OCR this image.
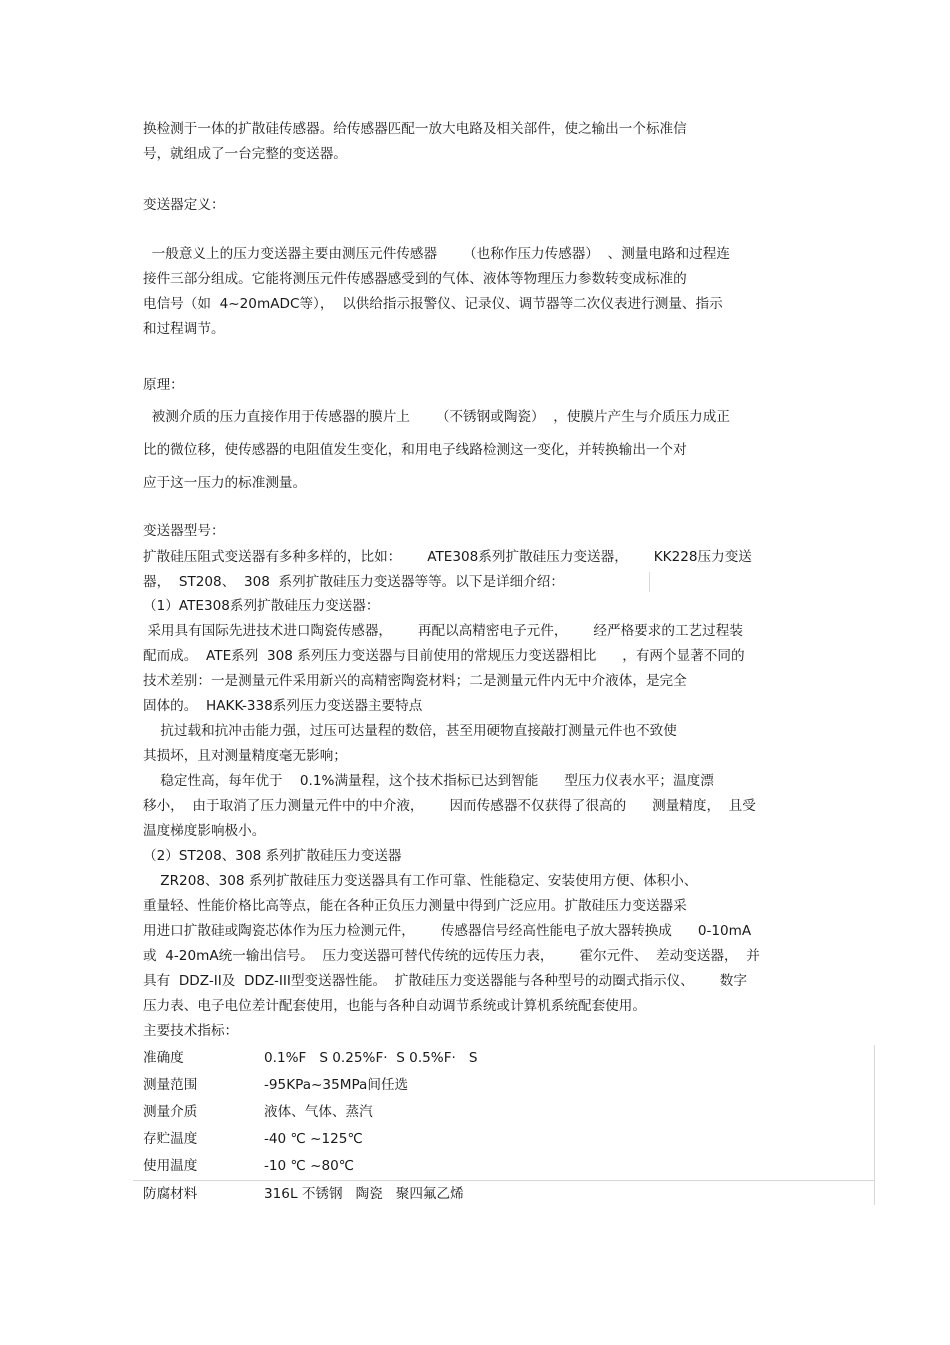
换检测于一体的扩散硅传感器。给传感器匹配一放大电路及相关部件，使之输出一个标准信
号，就组成了一台完整的变送器。
变送器定义：
一般意义上的压力变送器主要由测压元件传感器      （也称作压力传感器）  、测量电路和过程连
接件三部分组成。它能将测压元件传感器感受到的气体、液体等物理压力参数转变成标准的
电信号（如  4~20mADC等），  以供给指示报警仪、记录仪、调节器等二次仪表进行测量、指示
和过程调节。
原理：
被测介质的压力直接作用于传感器的膜片上      （不锈钢或陶瓷）  ，使膜片产生与介质压力成正
比的微位移，使传感器的电阻值发生变化，和用电子线路检测这一变化，并转换输出一个对
应于这一压力的标准测量。
变送器型号：
扩散硅压阻式变送器有多种多样的，比如：      ATE308系列扩散硅压力变送器，      KK228压力变送
器，  ST208、  308  系列扩散硅压力变送器等等。以下是详细介绍：
（1）ATE308系列扩散硅压力变送器：
采用具有国际先进技术进口陶瓷传感器，      再配以高精密电子元件，      经严格要求的工艺过程装
配而成。  ATE系列  308 系列压力变送器与目前使用的常规压力变送器相比      ，有两个显著不同的
技术差别：一是测量元件采用新兴的高精密陶瓷材料；二是测量元件内无中介液体，是完全
固体的。  HAKK-338系列压力变送器主要特点
抗过载和抗冲击能力强，过压可达量程的数倍，甚至用硬物直接敲打测量元件也不致使
其损坏，且对测量精度毫无影响；
稳定性高，每年优于    0.1%满量程，这个技术指标已达到智能      型压力仪表水平；温度漂
移小，  由于取消了压力测量元件中的中介液，      因而传感器不仅获得了很高的      测量精度，  且受
温度梯度影响极小。
（2）ST208、308 系列扩散硅压力变送器
ZR208、308 系列扩散硅压力变送器具有工作可靠、性能稳定、安装使用方便、体积小、
重量轻、性能价格比高等点，能在各种正负压力测量中得到广泛应用。扩散硅压力变送器采
用进口扩散硅或陶瓷芯体作为压力检测元件，      传感器信号经高性能电子放大器转换成      0-10mA
或  4-20mA统一输出信号。  压力变送器可替代传统的远传压力表，      霍尔元件、  差动变送器，  并
具有  DDZ-II及  DDZ-III型变送器性能。  扩散硅压力变送器能与各种型号的动圈式指示仪、      数字
压力表、电子电位差计配套使用，也能与各种自动调节系统或计算机系统配套使用。
主要技术指标：
准确度	0.1%F   S 0.25%F·  S 0.5%F·   S
测量范围	-95KPa~35MPa间任选
测量介质	液体、气体、蒸汽
存贮温度	-40 ℃ ~125℃
使用温度	-10 ℃ ~80℃
防腐材料	316L 不锈钢   陶瓷   聚四氟乙烯
